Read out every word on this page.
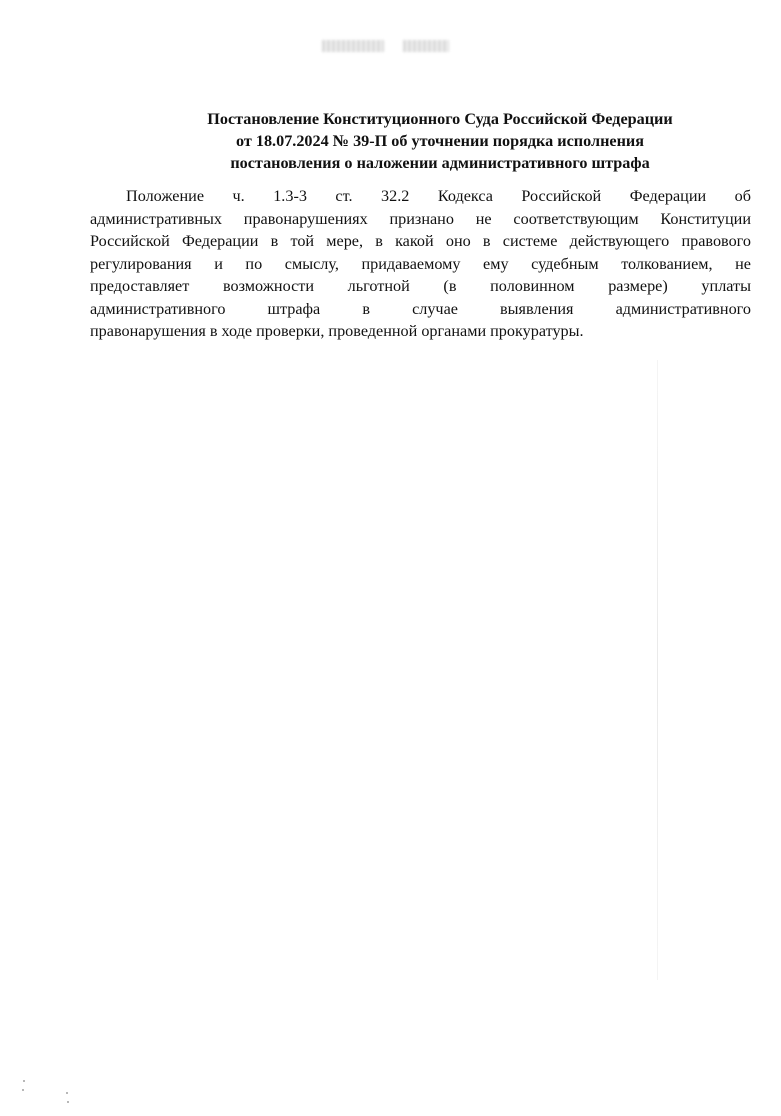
Постановление Конституционного Суда Российской Федерации
от 18.07.2024 № 39-П об уточнении порядка исполнения
постановления о наложении административного штрафа

Положение ч. 1.3-3 ст. 32.2 Кодекса Российской Федерации об
административных правонарушениях признано не соответствующим Конституции
Российской Федерации в той мере, в какой оно в системе действующего правового
регулирования и по смыслу, придаваемому ему судебным толкованием, не
предоставляет возможности льготной (в половинном размере) уплаты
административного штрафа в случае выявления административного
правонарушения в ходе проверки, проведенной органами прокуратуры.
